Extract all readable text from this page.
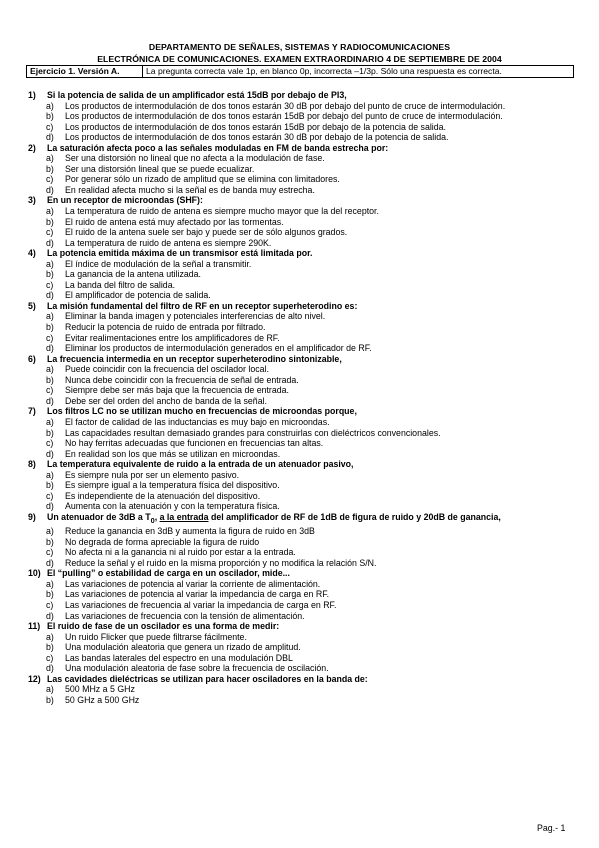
DEPARTAMENTO DE SEÑALES, SISTEMAS Y RADIOCOMUNICACIONES
ELECTRÓNICA DE COMUNICACIONES. EXAMEN EXTRAORDINARIO 4 DE SEPTIEMBRE DE 2004
Ejercicio 1. Versión A.	La pregunta correcta vale 1p, en blanco 0p, incorrecta –1/3p. Sólo una respuesta es correcta.
1)	Si la potencia de salida de un amplificador está 15dB por debajo de PI3,
a)	Los productos de intermodulación de dos tonos estarán 30 dB por debajo del punto de cruce de intermodulación.
b)	Los productos de intermodulación de dos tonos estarán 15dB por debajo del punto de cruce de intermodulación.
c)	Los productos de intermodulación de dos tonos estarán 15dB por debajo de la potencia de salida.
d)	Los productos de intermodulación de dos tonos estarán 30 dB por debajo de la potencia de salida.
2)	La saturación afecta poco a las señales moduladas en FM de banda estrecha por:
a)	Ser una distorsión no lineal que no afecta a la modulación de fase.
b)	Ser una distorsión lineal que se puede ecualizar.
c)	Por generar sólo un rizado de amplitud que se elimina con limitadores.
d)	En realidad afecta mucho si la señal es de banda muy estrecha.
3)	En un receptor de microondas (SHF):
a)	La temperatura de ruido de antena es siempre mucho mayor que la del receptor.
b)	El ruido de antena está muy afectado por las tormentas.
c)	El ruido de la antena suele ser bajo y puede ser de sólo algunos grados.
d)	La temperatura de ruido de antena es siempre 290K.
4)	La potencia emitida máxima de un transmisor está limitada por.
a)	El índice de modulación de la señal a transmitir.
b)	La ganancia de la antena utilizada.
c)	La banda del filtro de salida.
d)	El amplificador de potencia de salida.
5)	La misión fundamental del filtro de RF en un receptor superheterodino es:
a)	Eliminar la banda imagen y potenciales interferencias de alto nivel.
b)	Reducir la potencia de ruido de entrada por filtrado.
c)	Evitar realimentaciones entre los amplificadores de RF.
d)	Eliminar los productos de intermodulación generados en el amplificador de RF.
6)	La frecuencia intermedia en un receptor superheterodino sintonizable,
a)	Puede coincidir con la frecuencia del oscilador local.
b)	Nunca debe coincidir con la frecuencia de señal de entrada.
c)	Siempre debe ser más baja que la frecuencia de entrada.
d)	Debe ser del orden del ancho de banda de la señal.
7)	Los filtros LC no se utilizan mucho en frecuencias de microondas porque,
a)	El factor de calidad de las inductancias es muy bajo en microondas.
b)	Las capacidades resultan demasiado grandes para construirlas con dieléctricos convencionales.
c)	No hay ferritas adecuadas que funcionen en frecuencias tan altas.
d)	En realidad son los que más se utilizan en microondas.
8)	La temperatura equivalente de ruido a la entrada de un atenuador pasivo,
a)	Es siempre nula por ser un elemento pasivo.
b)	Es siempre igual a la temperatura física del dispositivo.
c)	Es independiente de la atenuación del dispositivo.
d)	Aumenta con la atenuación y con la temperatura física.
9)	Un atenuador de 3dB a $T_0$, a la entrada del amplificador de RF de 1dB de figura de ruido y 20dB de ganancia,
a)	Reduce la ganancia en 3dB y aumenta la figura de ruido en 3dB
b)	No degrada de forma apreciable la figura de ruido
c)	No afecta ni a la ganancia ni al ruido por estar a la entrada.
d)	Reduce la señal y el ruido en la misma proporción y no modifica la relación S/N.
10) El “pulling” o estabilidad de carga en un oscilador, mide...
a)	Las variaciones de potencia al variar la corriente de alimentación.
b)	Las variaciones de potencia al variar la impedancia de carga en RF.
c)	Las variaciones de frecuencia al variar la impedancia de carga en RF.
d)	Las variaciones de frecuencia con la tensión de alimentación.
11) El ruido de fase de un oscilador es una forma de medir:
a)	Un ruido Flicker que puede filtrarse fácilmente.
b)	Una modulación aleatoria que genera un rizado de amplitud.
c)	Las bandas laterales del espectro en una modulación DBL
d)	Una modulación aleatoria de fase sobre la frecuencia de oscilación.
12) Las cavidades dieléctricas se utilizan para hacer osciladores en la banda de:
a)	500 MHz a 5 GHz
b)	50 GHz a 500 GHz
Pag.- 1
